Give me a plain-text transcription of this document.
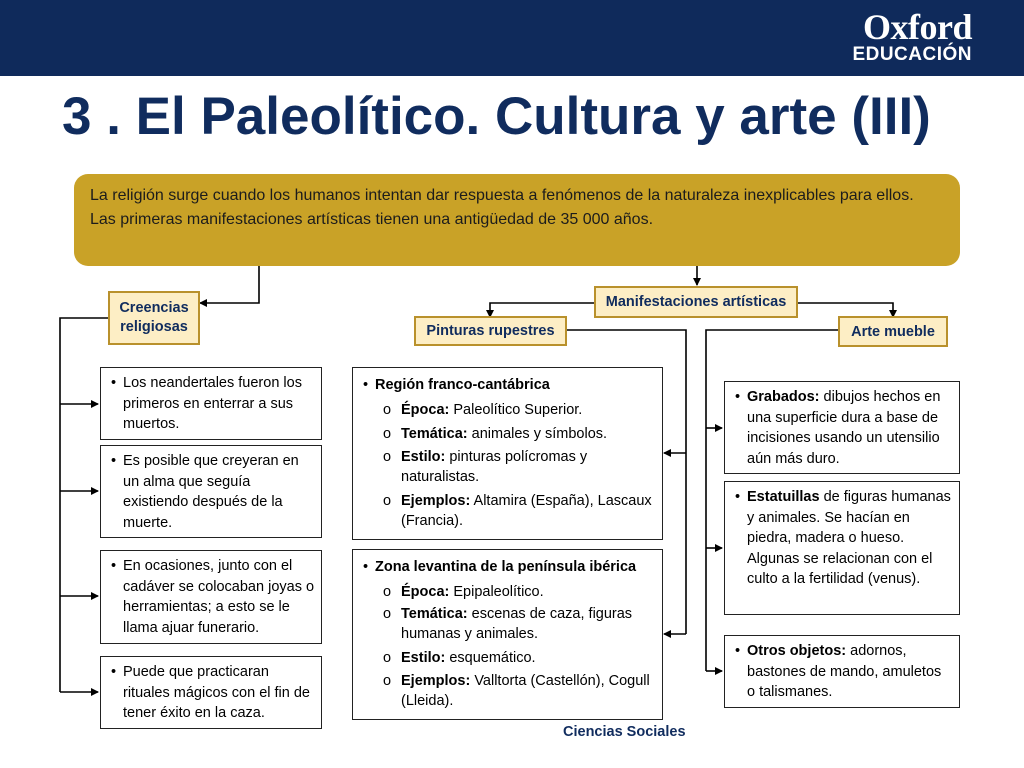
Oxford
EDUCACIÓN
3 . El Paleolítico. Cultura y arte (III)
La religión surge cuando los humanos intentan dar respuesta a fenómenos de la naturaleza inexplicables para ellos.
Las primeras manifestaciones artísticas tienen una antigüedad de 35 000 años.
Creencias religiosas
Manifestaciones artísticas
Pinturas rupestres	Arte mueble
• Los neandertales fueron los primeros en enterrar a sus muertos.
• Es posible que creyeran en un alma que seguía existiendo después de la muerte.
• En ocasiones, junto con el cadáver se colocaban joyas o herramientas; a esto se le llama ajuar funerario.
• Puede que practicaran rituales mágicos con el fin de tener éxito en la caza.
• Región franco-cantábrica
o Época: Paleolítico Superior.
o Temática: animales y símbolos.
o Estilo: pinturas polícromas y naturalistas.
o Ejemplos: Altamira (España), Lascaux (Francia).
• Zona levantina de la península ibérica
o Época: Epipaleolítico.
o Temática: escenas de caza, figuras humanas y animales.
o Estilo: esquemático.
o Ejemplos: Valltorta (Castellón), Cogull (Lleida).
• Grabados: dibujos hechos en una superficie dura a base de incisiones usando un utensilio aún más duro.
• Estatuillas de figuras humanas y animales. Se hacían en piedra, madera o hueso. Algunas se relacionan con el culto a la fertilidad (venus).
• Otros objetos: adornos, bastones de mando, amuletos o talismanes.
Ciencias Sociales
